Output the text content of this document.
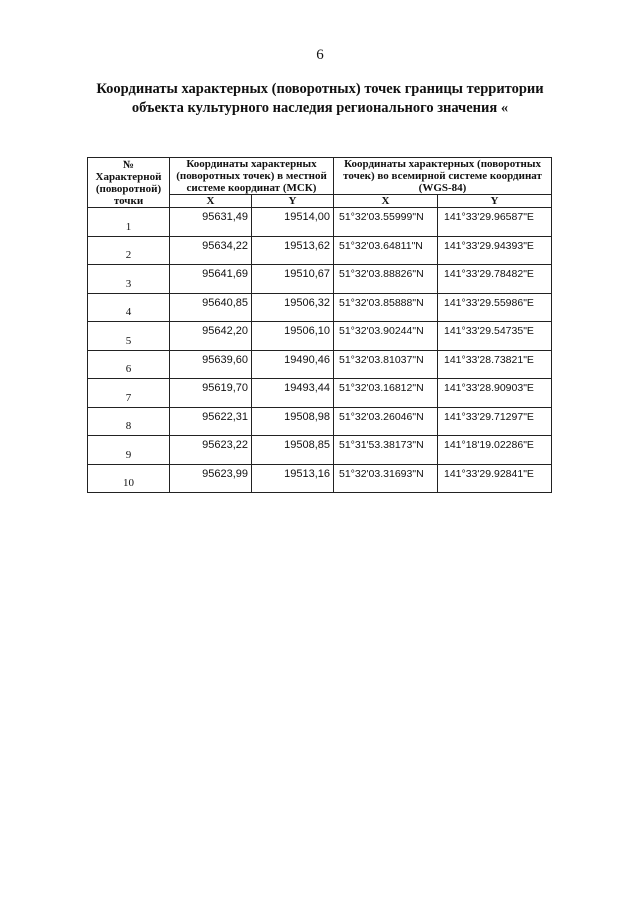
6
Координаты характерных (поворотных) точек границы территории
объекта культурного наследия регионального значения «
№ Характерной (поворотной) точки	Координаты характерных (поворотных точек) в местной системе координат (МСК)		Координаты характерных (поворотных точек) во всемирной системе координат (WGS-84)	
	X	Y	X	Y
1	95631,49	19514,00	51°32'03.55999"N	141°33'29.96587"E
2	95634,22	19513,62	51°32'03.64811"N	141°33'29.94393"E
3	95641,69	19510,67	51°32'03.88826"N	141°33'29.78482"E
4	95640,85	19506,32	51°32'03.85888"N	141°33'29.55986"E
5	95642,20	19506,10	51°32'03.90244"N	141°33'29.54735"E
6	95639,60	19490,46	51°32'03.81037"N	141°33'28.73821"E
7	95619,70	19493,44	51°32'03.16812"N	141°33'28.90903"E
8	95622,31	19508,98	51°32'03.26046"N	141°33'29.71297"E
9	95623,22	19508,85	51°31'53.38173"N	141°18'19.02286"E
10	95623,99	19513,16	51°32'03.31693"N	141°33'29.92841"E
